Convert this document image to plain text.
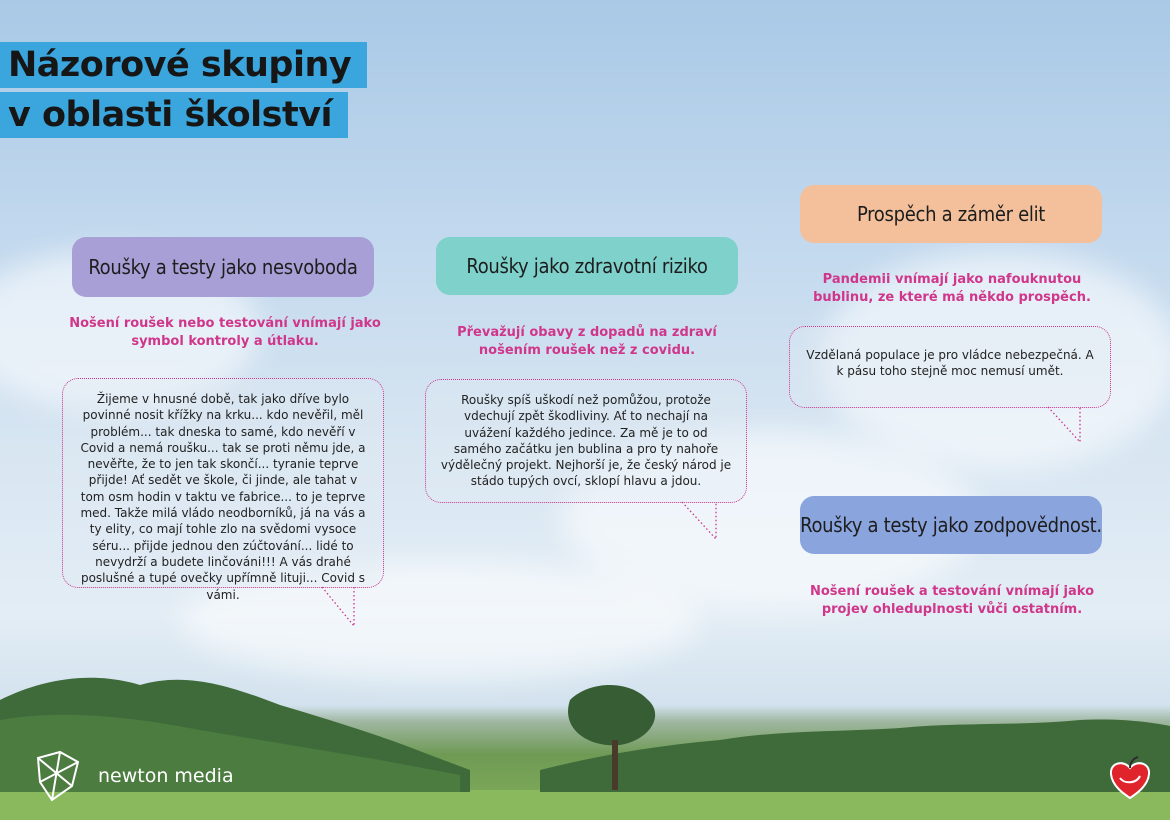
Názorové skupiny
v oblasti školství
Roušky a testy jako nesvoboda
Nošení roušek nebo testování vnímají jako symbol kontroly a útlaku.
Žijeme v hnusné době, tak jako dříve bylo povinné nosit křížky na krku... kdo nevěřil, měl problém... tak dneska to samé, kdo nevěří v Covid a nemá roušku... tak se proti němu jde, a nevěřte, že to jen tak skončí... tyranie teprve přijde! Ať sedět ve škole, či jinde, ale tahat v tom osm hodin v taktu ve fabrice... to je teprve med. Takže milá vládo neodborníků, já na vás a ty elity, co mají tohle zlo na svědomi vysoce séru... přijde jednou den zúčtování... lidé to nevydrží a budete linčováni!!! A vás drahé poslušné a tupé ovečky upřímně lituji... Covid s vámi.
Roušky jako zdravotní riziko
Převažují obavy z dopadů na zdraví nošením roušek než z covidu.
Roušky spíš uškodí než pomůžou, protože vdechují zpět škodliviny. Ať to nechají na uvážení každého jedince. Za mě je to od samého začátku jen bublina a pro ty nahoře výdělečný projekt. Nejhorší je, že český národ je stádo tupých ovcí, sklopí hlavu a jdou.
Prospěch a záměr elit
Pandemii vnímají jako nafouknutou bublinu, ze které má někdo prospěch.
Vzdělaná populace je pro vládce nebezpečná. A k pásu toho stejně moc nemusí umět.
Roušky a testy jako zodpovědnost.
Nošení roušek a testování vnímají jako projev ohleduplnosti vůči ostatním.
newton media
